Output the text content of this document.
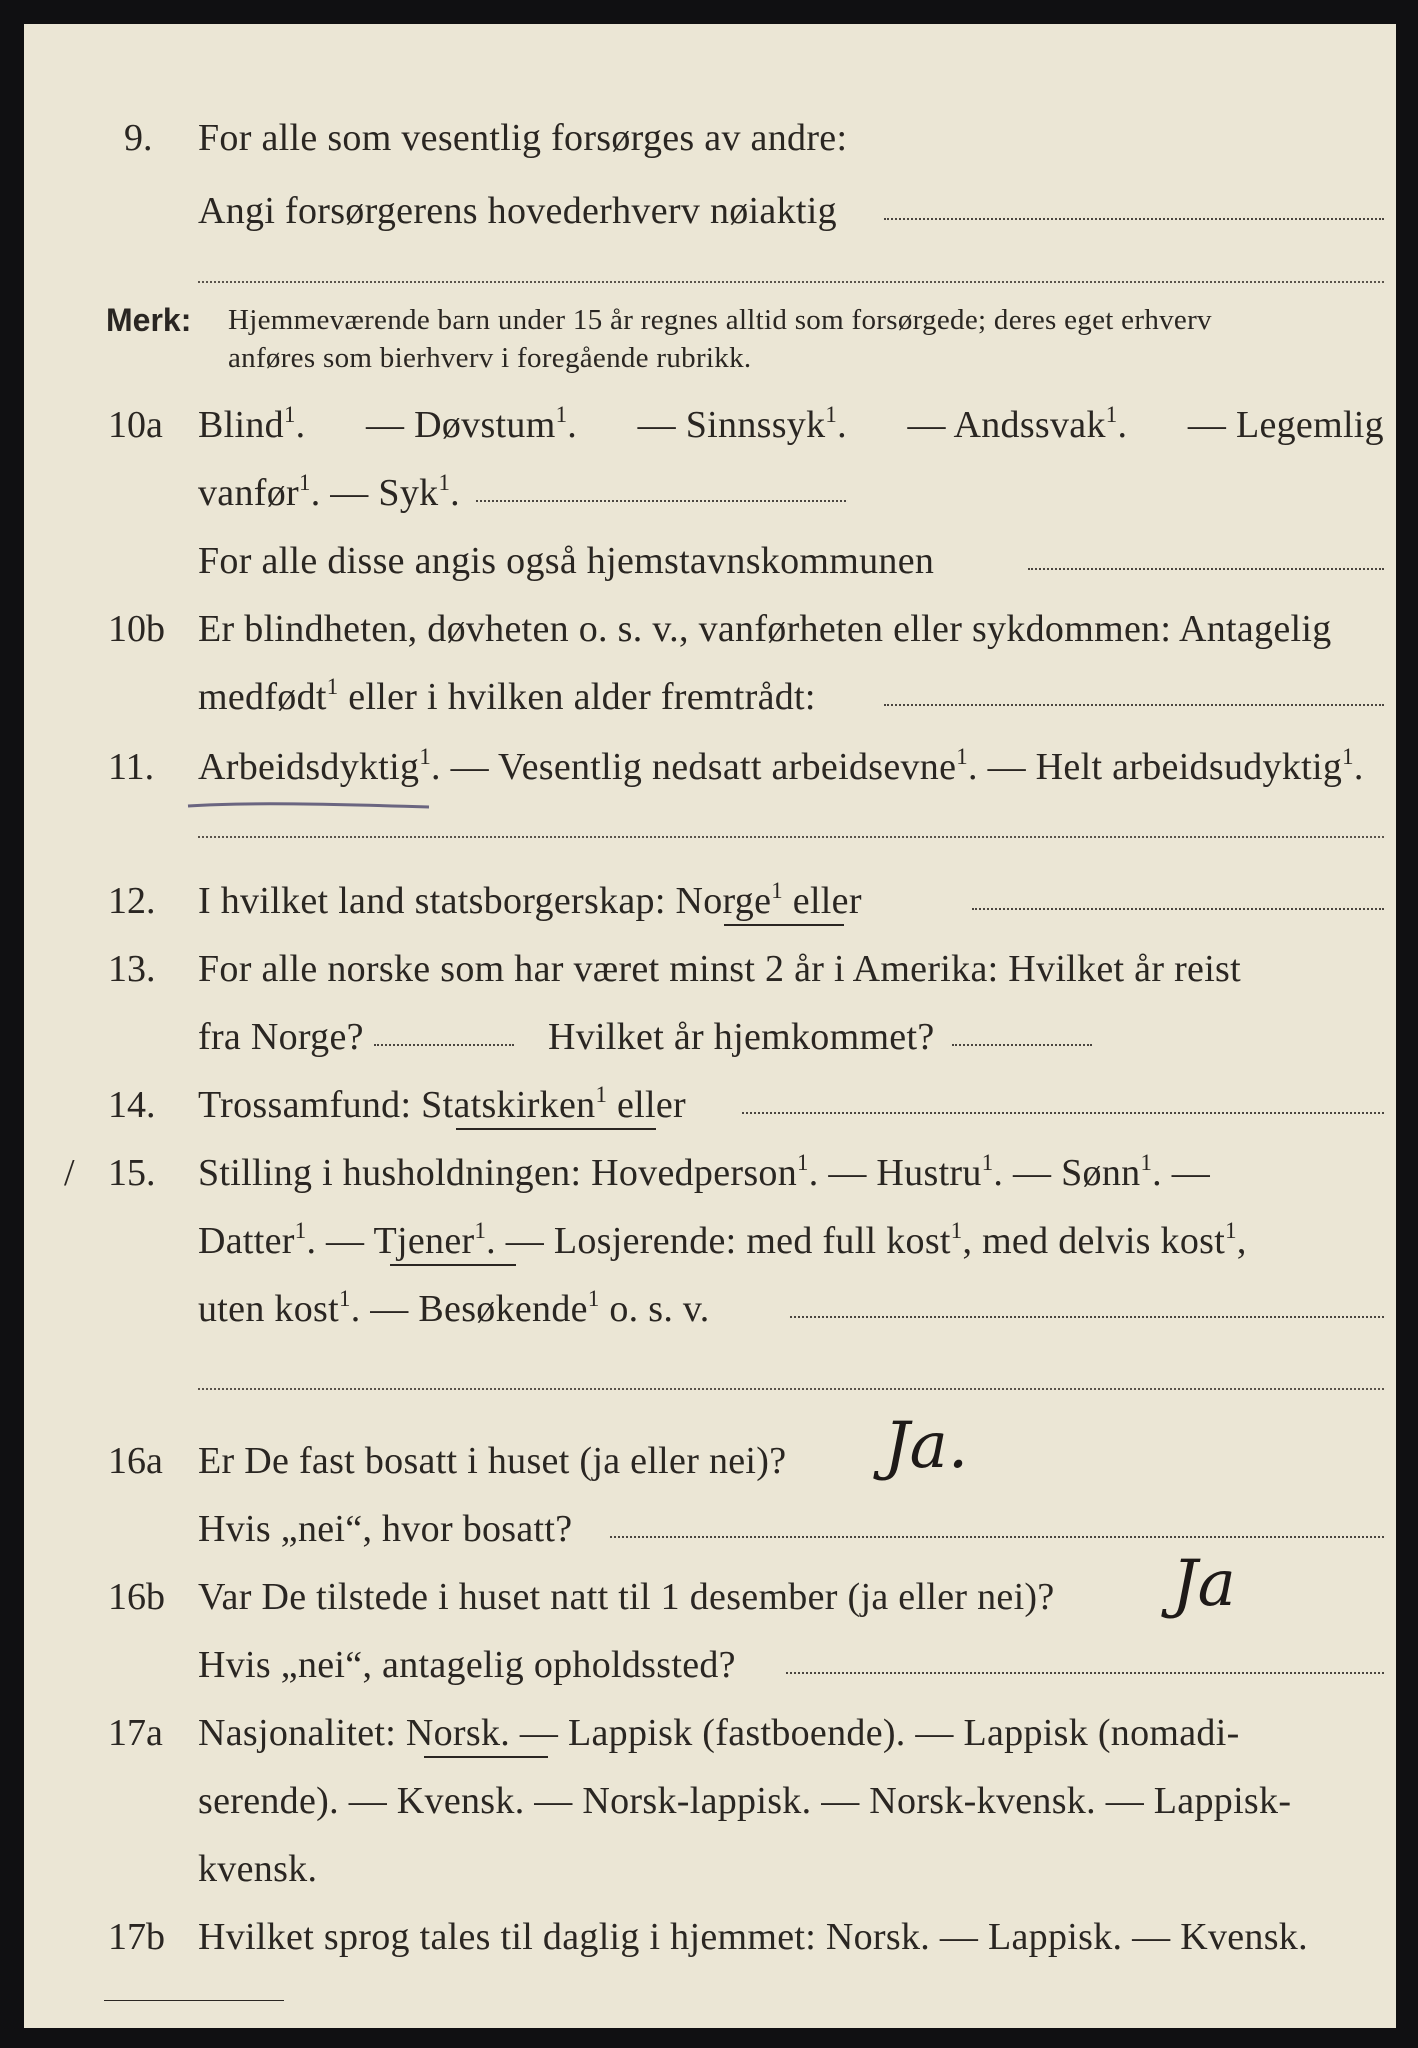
9. For alle som vesentlig forsørges av andre:
Angi forsørgerens hovederhverv nøiaktig
Merk: Hjemmeværende barn under 15 år regnes alltid som forsørgede; deres eget erhverv
anføres som bierhverv i foregående rubrikk.
10a Blind$^1$. — Døvstum$^1$. — Sinnssyk$^1$. — Andssvak$^1$. — Legemlig
vanfør$^1$. — Syk$^1$.
For alle disse angis også hjemstavnskommunen
10b Er blindheten, døvheten o. s. v., vanførheten eller sykdommen: Antagelig
medfødt$^1$ eller i hvilken alder fremtrådt:
11. Arbeidsdyktig$^1$. — Vesentlig nedsatt arbeidsevne$^1$. — Helt arbeidsudyktig$^1$.
12. I hvilket land statsborgerskap: Norge$^1$ eller
13. For alle norske som har været minst 2 år i Amerika: Hvilket år reist
fra Norge?	Hvilket år hjemkommet?
14. Trossamfund: Statskirken$^1$ eller
/ 15. Stilling i husholdningen: Hovedperson$^1$. — Hustru$^1$. — Sønn$^1$. —
Datter$^1$. — Tjener$^1$. — Losjerende: med full kost$^1$, med delvis kost$^1$,
uten kost$^1$. — Besøkende$^1$ o. s. v.
16a Er De fast bosatt i huset (ja eller nei)? Ja.
Hvis „nei“, hvor bosatt?
16b Var De tilstede i huset natt til 1 desember (ja eller nei)? Ja
Hvis „nei“, antagelig opholdssted?
17a Nasjonalitet: Norsk. — Lappisk (fastboende). — Lappisk (nomadi-
serende). — Kvensk. — Norsk-lappisk. — Norsk-kvensk. — Lappisk-
kvensk.
17b Hvilket sprog tales til daglig i hjemmet: Norsk. — Lappisk. — Kvensk.
